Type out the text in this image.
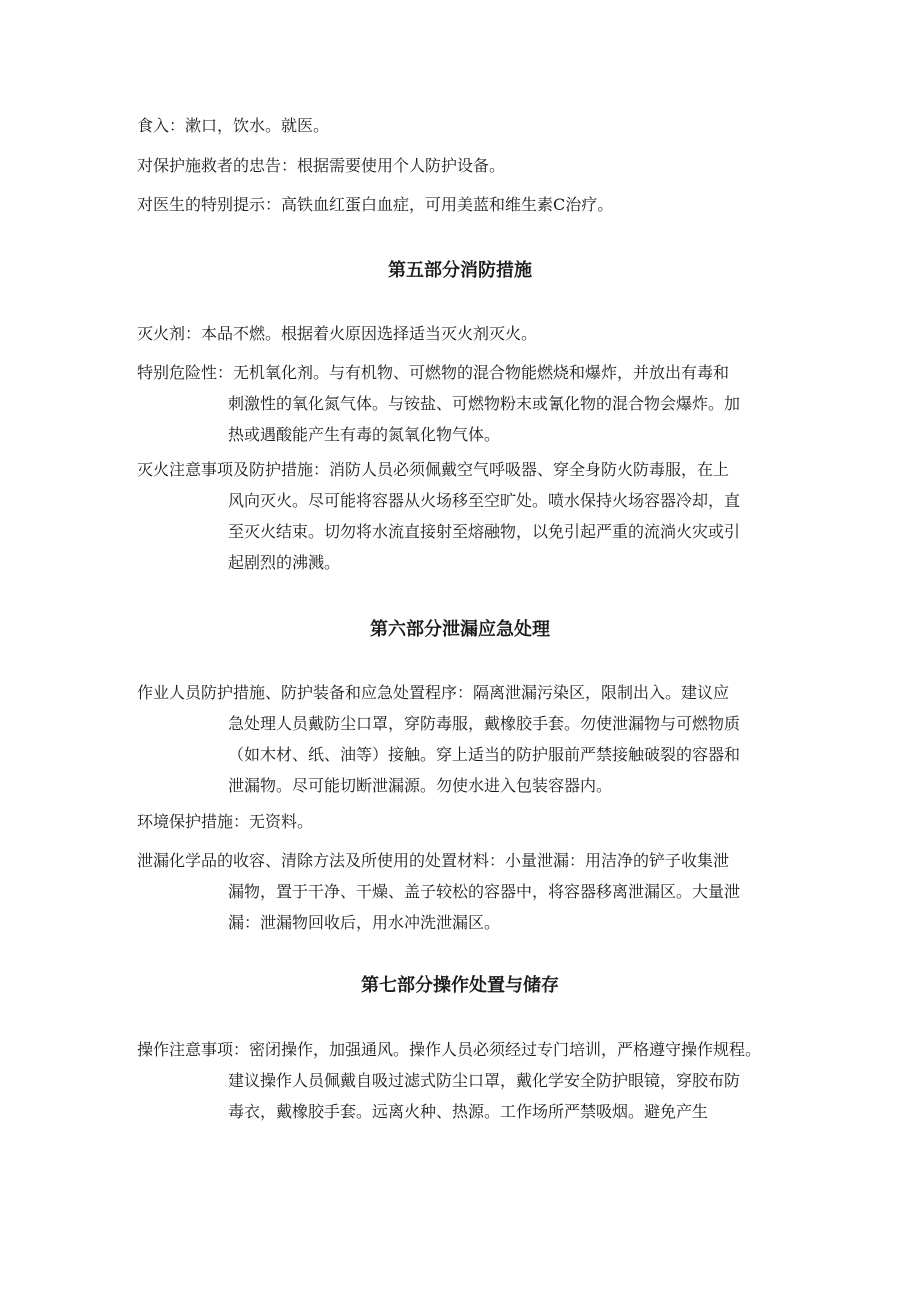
食入：漱口，饮水。就医。
对保护施救者的忠告：根据需要使用个人防护设备。
对医生的特别提示：高铁血红蛋白血症，可用美蓝和维生素C治疗。
第五部分消防措施
灭火剂：本品不燃。根据着火原因选择适当灭火剂灭火。
特别危险性：无机氧化剂。与有机物、可燃物的混合物能燃烧和爆炸，并放出有毒和
刺激性的氧化氮气体。与铵盐、可燃物粉末或氰化物的混合物会爆炸。加
热或遇酸能产生有毒的氮氧化物气体。
灭火注意事项及防护措施：消防人员必须佩戴空气呼吸器、穿全身防火防毒服，在上
风向灭火。尽可能将容器从火场移至空旷处。喷水保持火场容器冷却，直
至灭火结束。切勿将水流直接射至熔融物，以免引起严重的流淌火灾或引
起剧烈的沸溅。
第六部分泄漏应急处理
作业人员防护措施、防护装备和应急处置程序：隔离泄漏污染区，限制出入。建议应
急处理人员戴防尘口罩，穿防毒服，戴橡胶手套。勿使泄漏物与可燃物质
（如木材、纸、油等）接触。穿上适当的防护服前严禁接触破裂的容器和
泄漏物。尽可能切断泄漏源。勿使水进入包装容器内。
环境保护措施：无资料。
泄漏化学品的收容、清除方法及所使用的处置材料：小量泄漏：用洁净的铲子收集泄
漏物，置于干净、干燥、盖子较松的容器中，将容器移离泄漏区。大量泄
漏：泄漏物回收后，用水冲洗泄漏区。
第七部分操作处置与储存
操作注意事项：密闭操作，加强通风。操作人员必须经过专门培训，严格遵守操作规程。
建议操作人员佩戴自吸过滤式防尘口罩，戴化学安全防护眼镜，穿胶布防
毒衣，戴橡胶手套。远离火种、热源。工作场所严禁吸烟。避免产生
